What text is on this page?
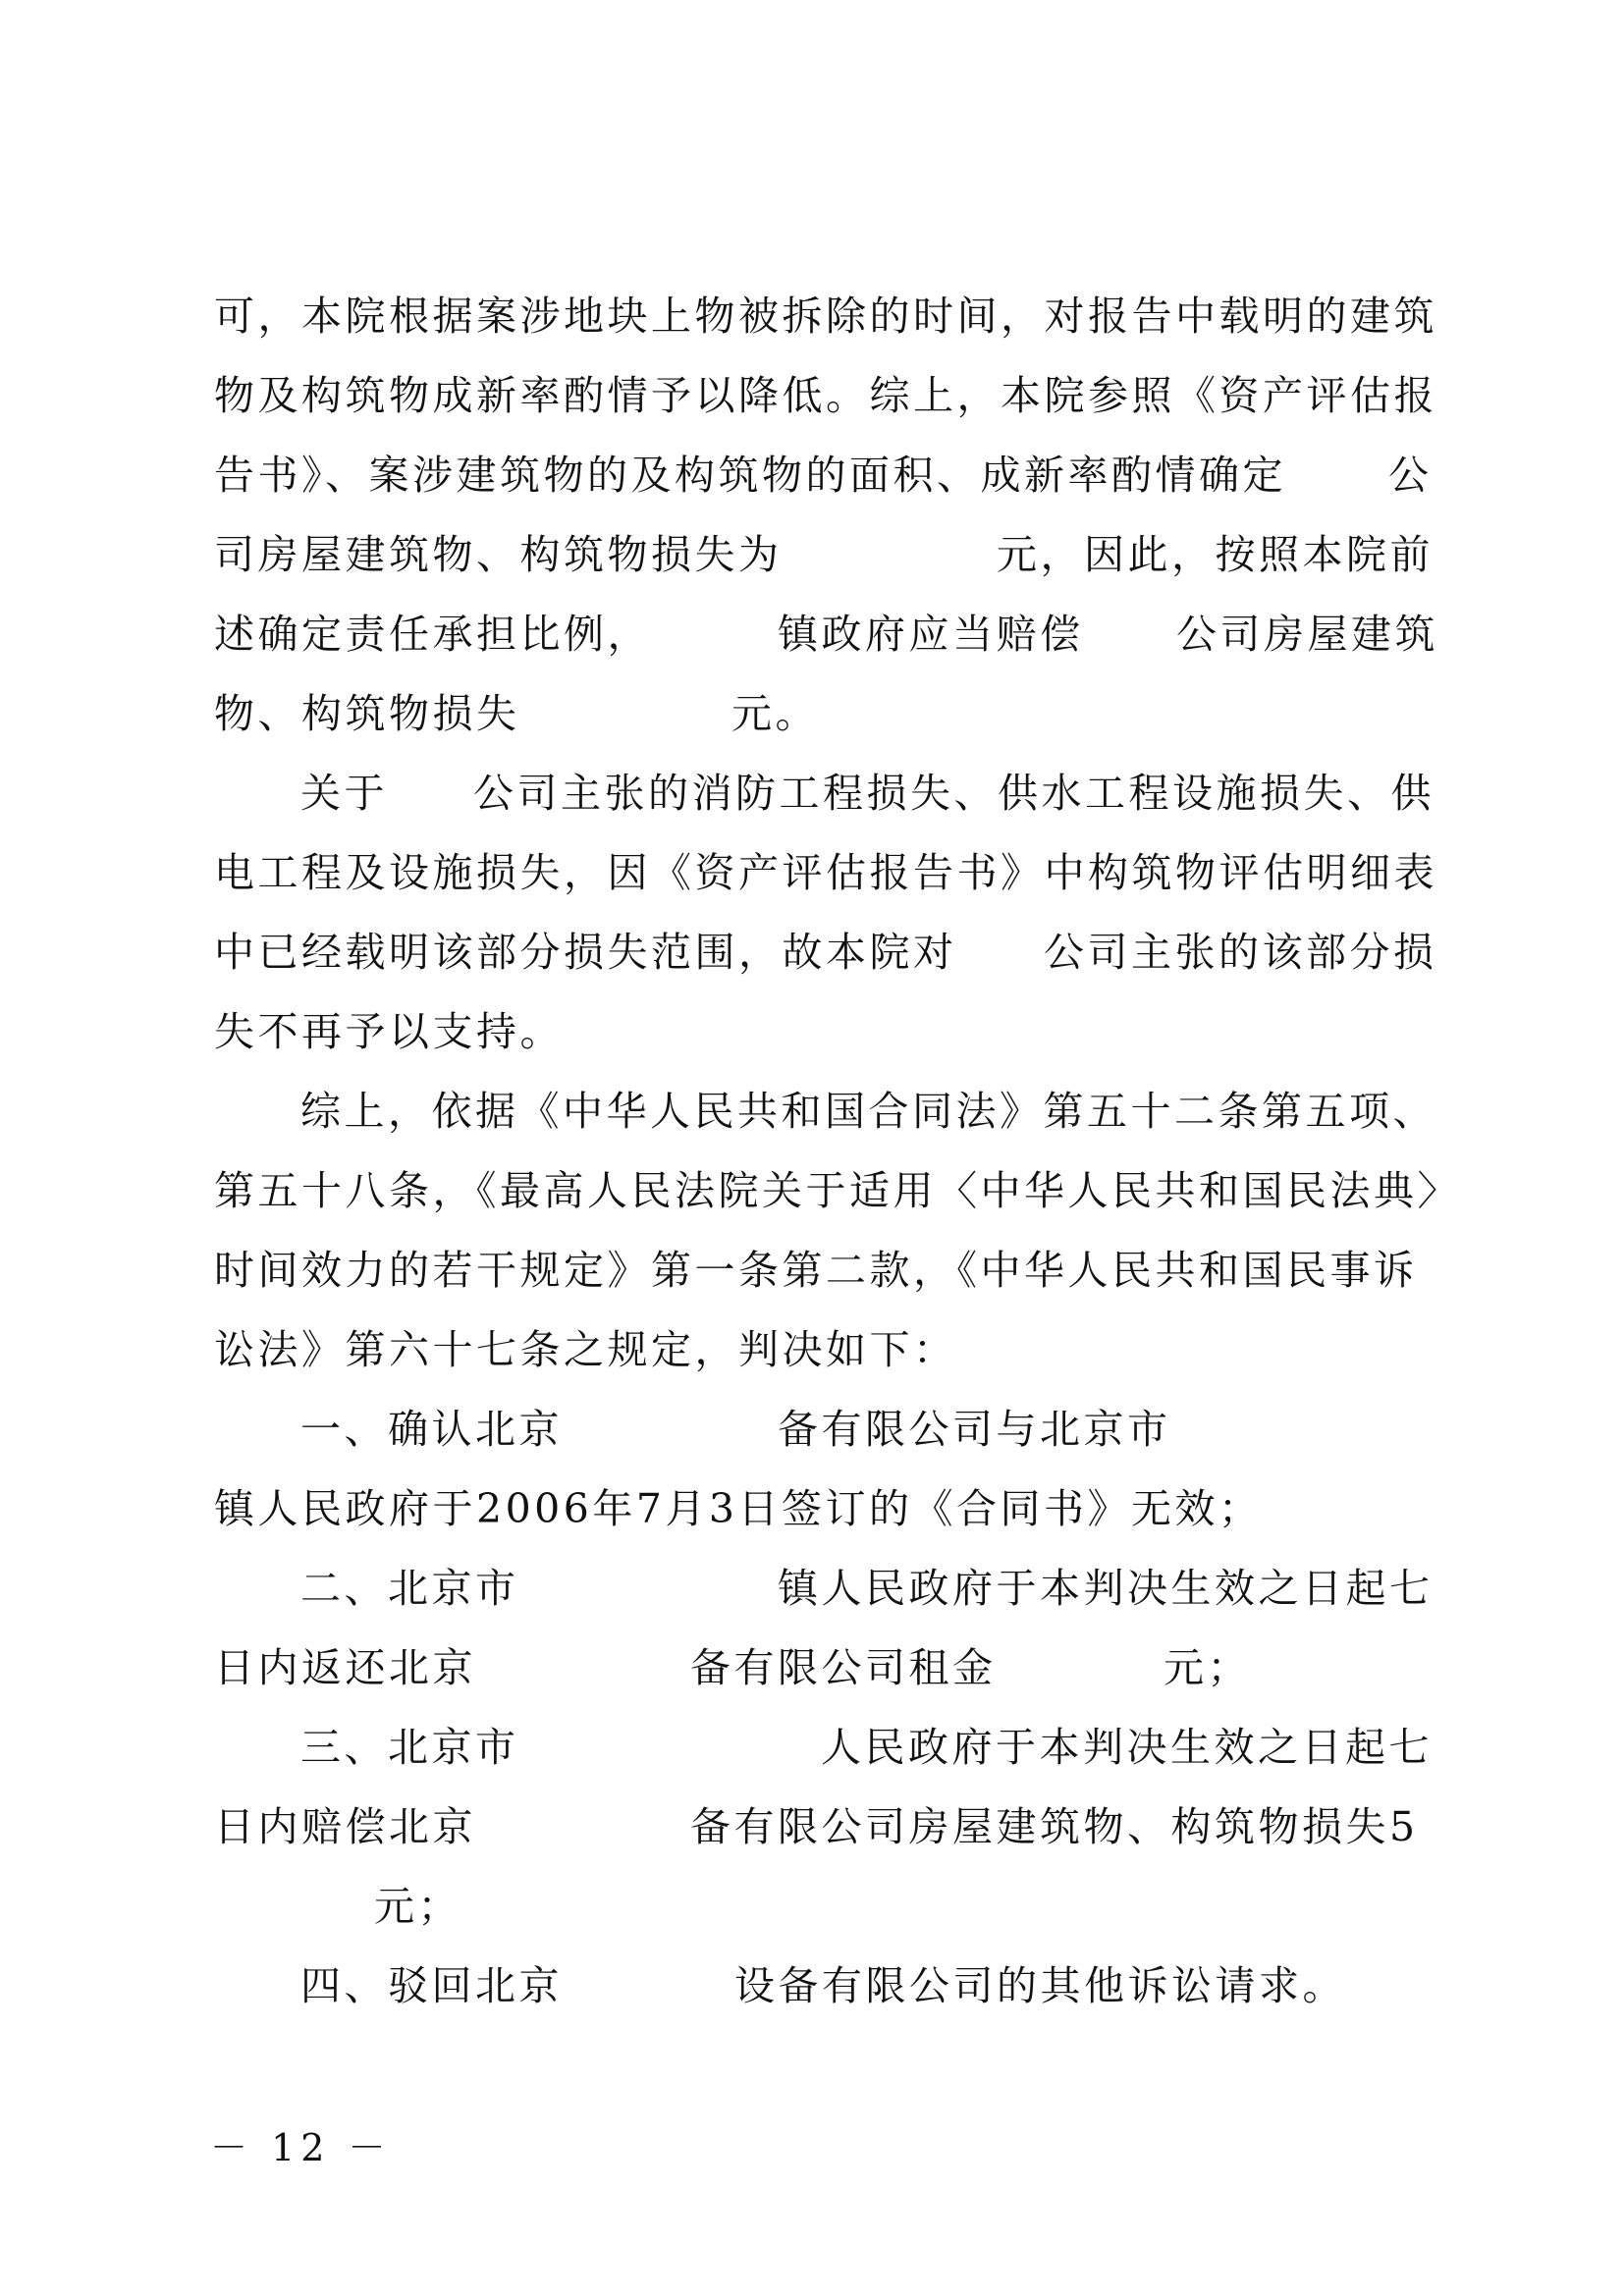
可，本院根据案涉地块上物被拆除的时间，对报告中载明的建筑
物及构筑物成新率酌情予以降低。综上，本院参照《资产评估报
告书》、案涉建筑物的及构筑物的面积、成新率酌情确定	公
司房屋建筑物、构筑物损失为	元，因此，按照本院前
述确定责任承担比例，	镇政府应当赔偿 公司房屋建筑
物、构筑物损失	元。
关于 公司主张的消防工程损失、供水工程设施损失、供
电工程及设施损失，因《资产评估报告书》中构筑物评估明细表
中已经载明该部分损失范围，故本院对 公司主张的该部分损
失不再予以支持。
综上，依据《中华人民共和国合同法》第五十二条第五项、
第五十八条，《最高人民法院关于适用〈中华人民共和国民法典〉
时间效力的若干规定》第一条第二款，《中华人民共和国民事诉
讼法》第六十七条之规定，判决如下：
一、确认北京	备有限公司与北京市
镇人民政府于2006年7月3日签订的《合同书》无效；
二、北京市	镇人民政府于本判决生效之日起七
日内返还北京	备有限公司租金	元；
三、北京市	人民政府于本判决生效之日起七
日内赔偿北京	备有限公司房屋建筑物、构筑物损失5
元；
四、驳回北京	设备有限公司的其他诉讼请求。
－ 12 －
